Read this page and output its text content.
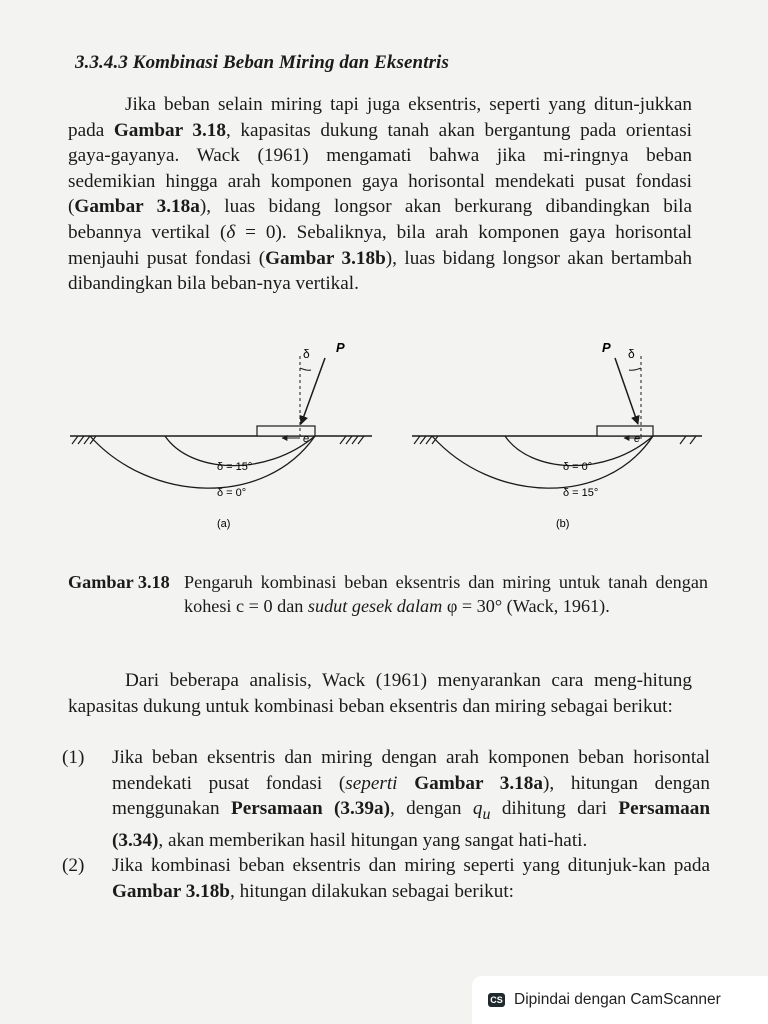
3.3.4.3 Kombinasi Beban Miring dan Eksentris
Jika beban selain miring tapi juga eksentris, seperti yang ditun-jukkan pada Gambar 3.18, kapasitas dukung tanah akan bergantung pada orientasi gaya-gayanya. Wack (1961) mengamati bahwa jika mi-ringnya beban sedemikian hingga arah komponen gaya horisontal mendekati pusat fondasi (Gambar 3.18a), luas bidang longsor akan berkurang dibandingkan bila bebannya vertikal (δ = 0). Sebaliknya, bila arah komponen gaya horisontal menjauhi pusat fondasi (Gambar 3.18b), luas bidang longsor akan bertambah dibandingkan bila beban-nya vertikal.
δ P
e
δ = 15°
δ = 0°
(a)
δ
P
e
δ = 0°
δ = 15°
(b)
Gambar 3.18 Pengaruh kombinasi beban eksentris dan miring untuk tanah dengan kohesi c = 0 dan sudut gesek dalam φ = 30° (Wack, 1961).
Dari beberapa analisis, Wack (1961) menyarankan cara meng-hitung kapasitas dukung untuk kombinasi beban eksentris dan miring sebagai berikut:
(1)	Jika beban eksentris dan miring dengan arah komponen beban horisontal mendekati pusat fondasi (seperti Gambar 3.18a), hitungan dengan menggunakan Persamaan (3.39a), dengan $q_u$ dihitung dari Persamaan (3.34), akan memberikan hasil hitungan yang sangat hati-hati.
(2)	Jika kombinasi beban eksentris dan miring seperti yang ditunjuk-kan pada Gambar 3.18b, hitungan dilakukan sebagai berikut:
CS Dipindai dengan CamScanner
